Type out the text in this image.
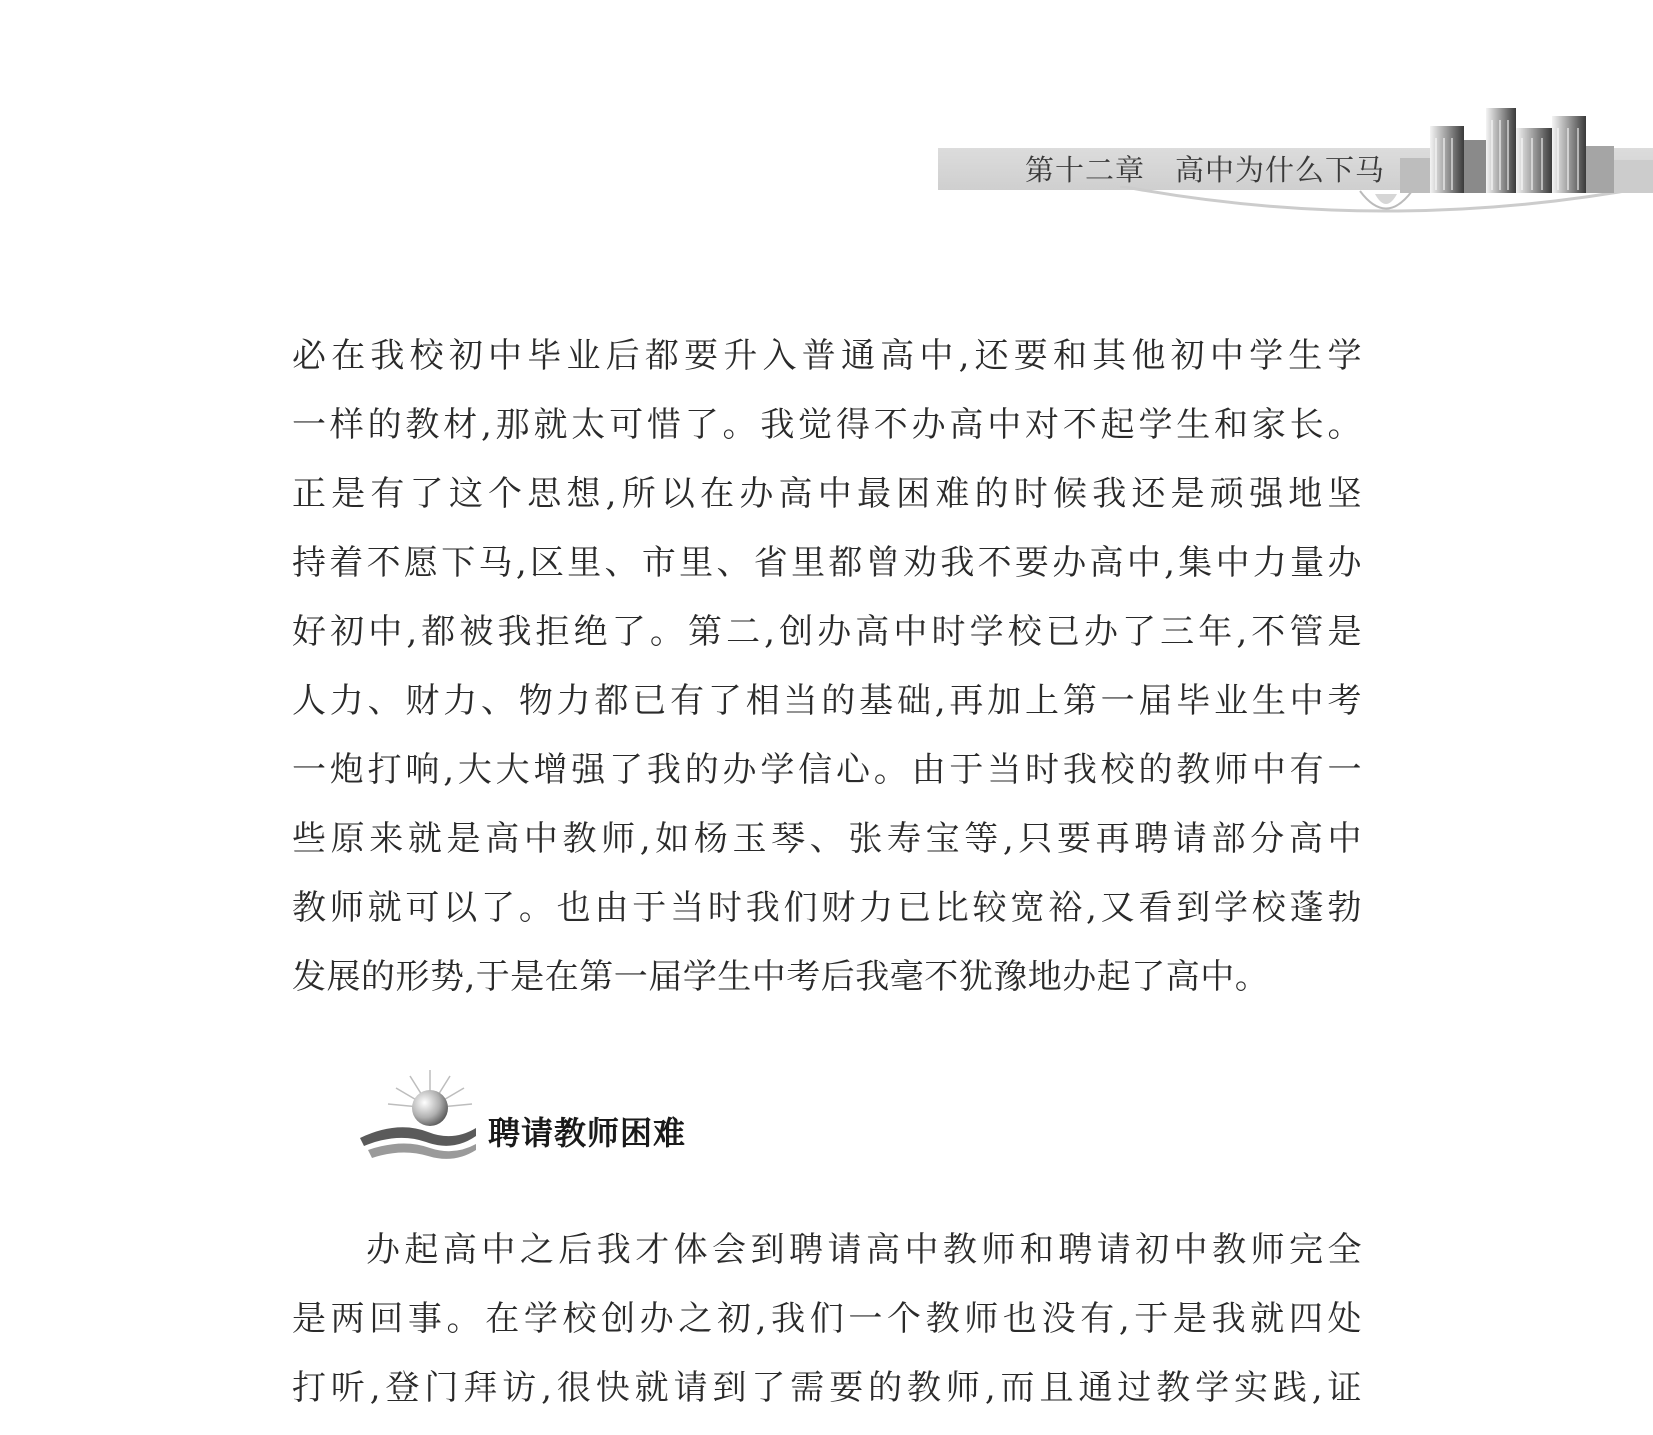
第十二章　高中为什么下马
必在我校初中毕业后都要升入普通高中,还要和其他初中学生学
一样的教材,那就太可惜了。我觉得不办高中对不起学生和家长。
正是有了这个思想,所以在办高中最困难的时候我还是顽强地坚
持着不愿下马,区里、市里、省里都曾劝我不要办高中,集中力量办
好初中,都被我拒绝了。第二,创办高中时学校已办了三年,不管是
人力、财力、物力都已有了相当的基础,再加上第一届毕业生中考
一炮打响,大大增强了我的办学信心。由于当时我校的教师中有一
些原来就是高中教师,如杨玉琴、张寿宝等,只要再聘请部分高中
教师就可以了。也由于当时我们财力已比较宽裕,又看到学校蓬勃
发展的形势,于是在第一届学生中考后我毫不犹豫地办起了高中。
聘请教师困难
办起高中之后我才体会到聘请高中教师和聘请初中教师完全
是两回事。在学校创办之初,我们一个教师也没有,于是我就四处
打听,登门拜访,很快就请到了需要的教师,而且通过教学实践,证
